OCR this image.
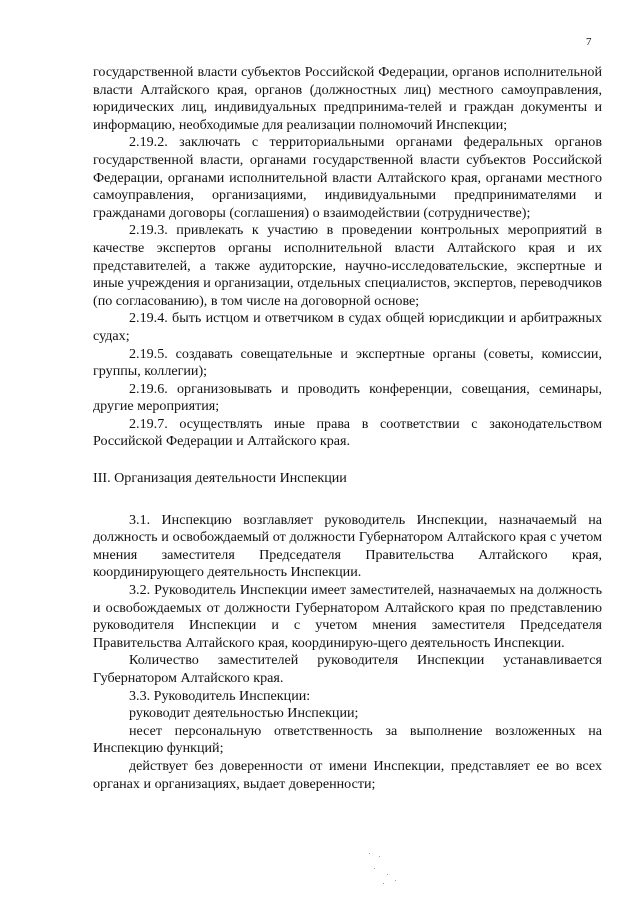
7

государственной власти субъектов Российской Федерации, органов исполнительной власти Алтайского края, органов (должностных лиц) местного самоуправления, юридических лиц, индивидуальных предпринима-телей и граждан документы и информацию, необходимые для реализации полномочий Инспекции;

2.19.2. заключать с территориальными органами федеральных органов государственной власти, органами государственной власти субъектов Российской Федерации, органами исполнительной власти Алтайского края, органами местного самоуправления, организациями, индивидуальными предпринимателями и гражданами договоры (соглашения) о взаимодействии (сотрудничестве);

2.19.3. привлекать к участию в проведении контрольных мероприятий в качестве экспертов органы исполнительной власти Алтайского края и их представителей, а также аудиторские, научно-исследовательские, экспертные и иные учреждения и организации, отдельных специалистов, экспертов, переводчиков (по согласованию), в том числе на договорной основе;

2.19.4. быть истцом и ответчиком в судах общей юрисдикции и арбитражных судах;

2.19.5. создавать совещательные и экспертные органы (советы, комиссии, группы, коллегии);

2.19.6. организовывать и проводить конференции, совещания, семинары, другие мероприятия;

2.19.7. осуществлять иные права в соответствии с законодательством Российской Федерации и Алтайского края.

III. Организация деятельности Инспекции

3.1. Инспекцию возглавляет руководитель Инспекции, назначаемый на должность и освобождаемый от должности Губернатором Алтайского края с учетом мнения заместителя Председателя Правительства Алтайского края, координирующего деятельность Инспекции.

3.2. Руководитель Инспекции имеет заместителей, назначаемых на должность и освобождаемых от должности Губернатором Алтайского края по представлению руководителя Инспекции и с учетом мнения заместителя Председателя Правительства Алтайского края, координирую-щего деятельность Инспекции.

Количество заместителей руководителя Инспекции устанавливается Губернатором Алтайского края.

3.3. Руководитель Инспекции:

руководит деятельностью Инспекции;

несет персональную ответственность за выполнение возложенных на Инспекцию функций;

действует без доверенности от имени Инспекции, представляет ее во всех органах и организациях, выдает доверенности;
